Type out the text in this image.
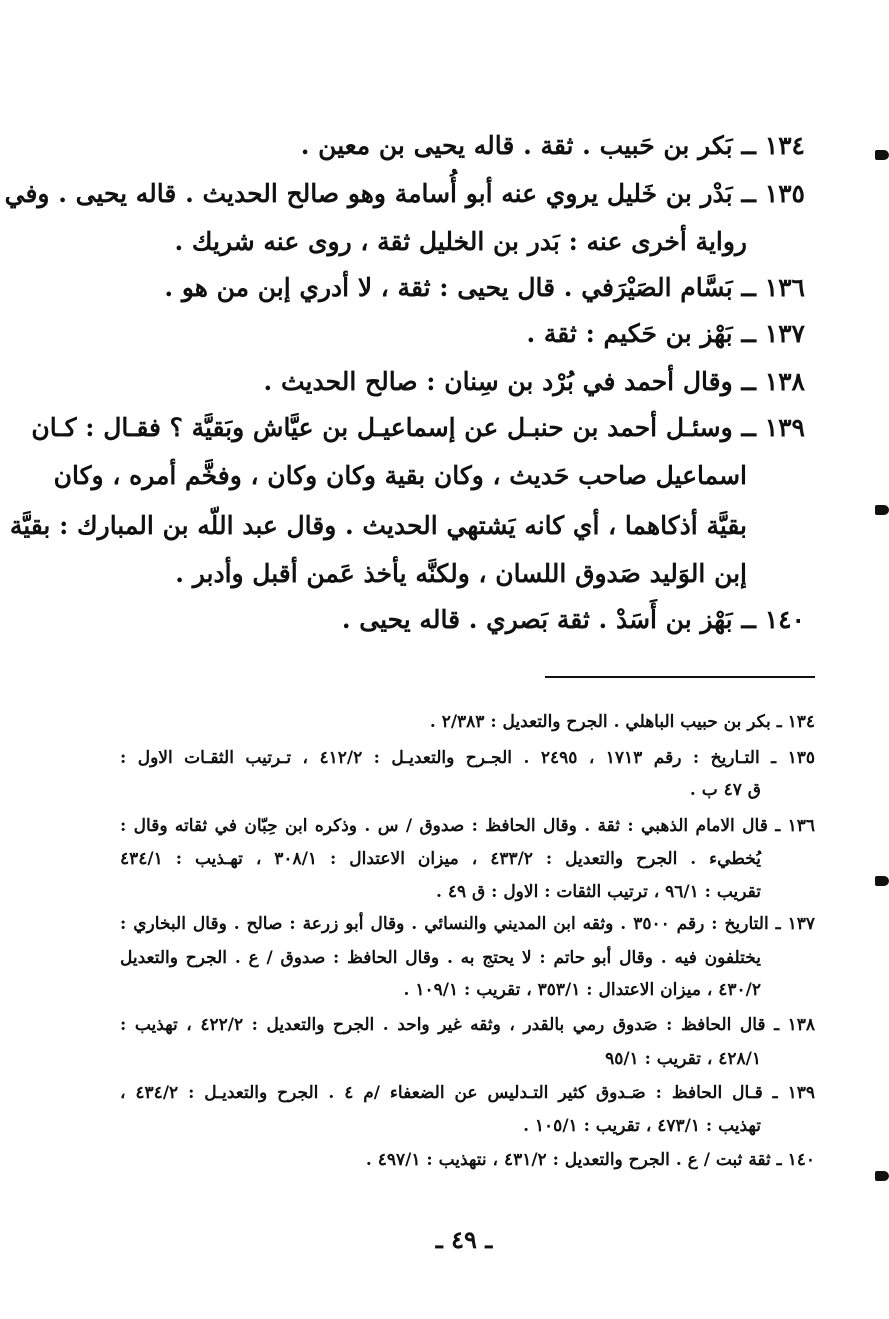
١٣٤ ــ بَكر بن حَبيب . ثقة . قاله يحيى بن معين .
١٣٥ ــ بَدْر بن خَليل يروي عنه أبو أُسامة وهو صالح الحديث . قاله يحيى . وفي
رواية أخرى عنه : بَدر بن الخليل ثقة ، روى عنه شريك .
١٣٦ ــ بَسَّام الصَيْرَفي . قال يحيى : ثقة ، لا أدري إبن من هو .
١٣٧ ــ بَهْز بن حَكيم : ثقة .
١٣٨ ــ وقال أحمد في بُرْد بن سِنان : صالح الحديث .
١٣٩ ــ وسئـل أحمد بن حنبـل عن إسماعيـل بن عيَّاش وبَقيَّة ؟ فقـال : كـان
اسماعيل صاحب حَديث ، وكان بقية وكان وكان ، وفخَّم أمره ، وكان
بقيَّة أذكاهما ، أي كانه يَشتهي الحديث . وقال عبد اللّه بن المبارك : بقيَّة
إبن الوَليد صَدوق اللسان ، ولكنَّه يأخذ عَمن أقبل وأدبر .
١٤٠ ــ بَهْز بن أَسَدْ . ثقة بَصري . قاله يحيى .
١٣٤ ـ بكر بن حبيب الباهلي . الجرح والتعديل : ٢/٣٨٣ .
١٣٥ ـ التـاريخ : رقم ١٧١٣ ، ٢٤٩٥ . الجـرح والتعديـل : ٤١٢/٢ ، تـرتيب الثقـات الاول :
ق ٤٧ ب .
١٣٦ ـ قال الامام الذهبي : ثقة . وقال الحافظ : صدوق / س . وذكره ابن حِبّان في ثقاته وقال :
يُخطيء . الجرح والتعديل : ٤٣٣/٢ ، ميزان الاعتدال : ٣٠٨/١ ، تهـذيب : ٤٣٤/١
تقريب : ٩٦/١ ، ترتيب الثقات : الاول : ق ٤٩ .
١٣٧ ـ التاريخ : رقم ٣٥٠٠ . وثقه ابن المديني والنسائي . وقال أبو زرعة : صالح . وقال البخاري :
يختلفون فيه . وقال أبو حاتم : لا يحتج به . وقال الحافظ : صدوق / ع . الجرح والتعديل
٤٣٠/٢ ، ميزان الاعتدال : ٣٥٣/١ ، تقريب : ١٠٩/١ .
١٣٨ ـ قال الحافظ : صَدوق رمي بالقدر ، وثقه غير واحد . الجرح والتعديل : ٤٢٢/٢ ، تهذيب :
٤٢٨/١ ، تقريب : ٩٥/١
١٣٩ ـ قـال الحافظ : صَـدوق كثير التـدليس عن الضعفاء /م ٤ . الجرح والتعديـل : ٤٣٤/٢ ،
تهذيب : ٤٧٣/١ ، تقريب : ١٠٥/١ .
١٤٠ ـ ثقة ثبت / ع . الجرح والتعديل : ٤٣١/٢ ، نتهذيب : ٤٩٧/١ .
ـ ٤٩ ـ
